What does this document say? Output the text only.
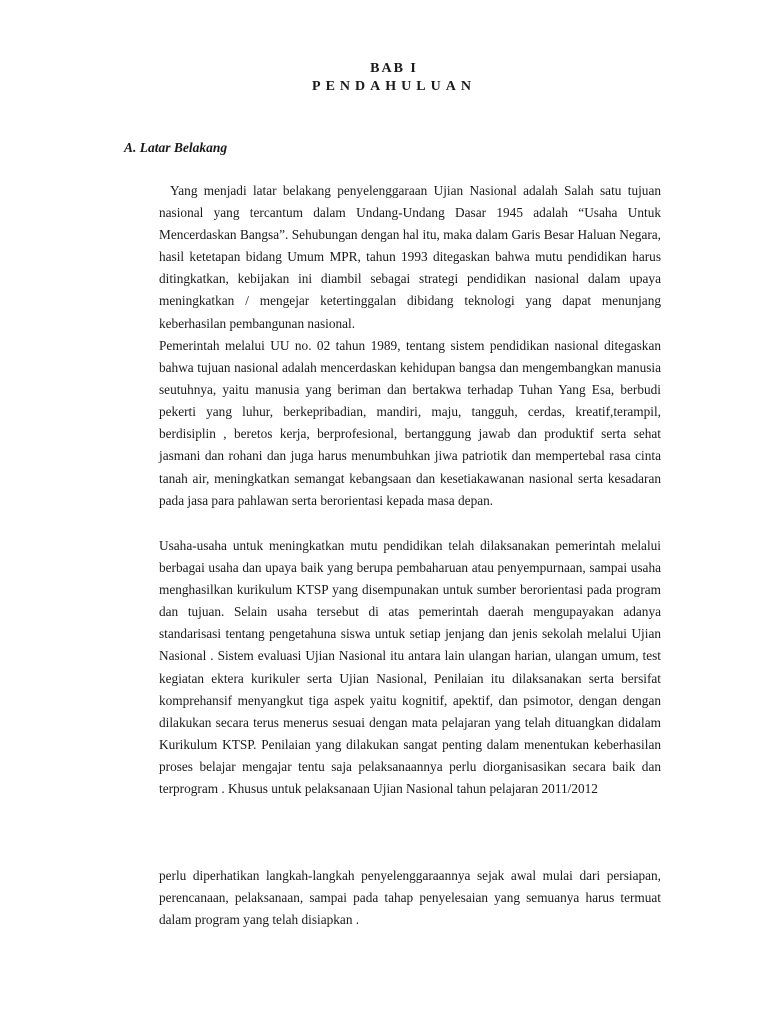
BAB I
PENDAHULUAN
A. Latar Belakang

Yang menjadi latar belakang penyelenggaraan Ujian Nasional adalah Salah satu tujuan nasional yang tercantum dalam Undang-Undang Dasar 1945 adalah “Usaha Untuk Mencerdaskan Bangsa”. Sehubungan dengan hal itu, maka dalam Garis Besar Haluan Negara, hasil ketetapan bidang Umum MPR, tahun 1993 ditegaskan bahwa mutu pendidikan harus ditingkatkan, kebijakan ini diambil sebagai strategi pendidikan nasional dalam upaya meningkatkan / mengejar ketertinggalan dibidang teknologi yang dapat menunjang keberhasilan pembangunan nasional.

Pemerintah melalui UU no. 02 tahun 1989, tentang sistem pendidikan nasional ditegaskan bahwa tujuan nasional adalah mencerdaskan kehidupan bangsa dan mengembangkan manusia seutuhnya, yaitu manusia yang beriman dan bertakwa terhadap Tuhan Yang Esa, berbudi pekerti yang luhur, berkepribadian, mandiri, maju, tangguh, cerdas, kreatif,terampil, berdisiplin , beretos kerja, berprofesional, bertanggung jawab dan produktif serta sehat jasmani dan rohani dan juga harus menumbuhkan jiwa patriotik dan mempertebal rasa cinta tanah air, meningkatkan semangat kebangsaan dan kesetiakawanan nasional serta kesadaran pada jasa para pahlawan serta berorientasi kepada masa depan.

Usaha-usaha untuk meningkatkan mutu pendidikan telah dilaksanakan pemerintah melalui berbagai usaha dan upaya baik yang berupa pembaharuan atau penyempurnaan, sampai usaha menghasilkan kurikulum KTSP yang disempunakan untuk sumber berorientasi pada program dan tujuan. Selain usaha tersebut di atas pemerintah daerah mengupayakan adanya standarisasi tentang pengetahuna siswa untuk setiap jenjang dan jenis sekolah melalui Ujian Nasional . Sistem evaluasi Ujian Nasional itu antara lain ulangan harian, ulangan umum, test kegiatan ektera kurikuler serta Ujian Nasional, Penilaian itu dilaksanakan serta bersifat komprehansif menyangkut tiga aspek yaitu kognitif, apektif, dan psimotor, dengan dengan dilakukan secara terus menerus sesuai dengan mata pelajaran yang telah dituangkan didalam Kurikulum KTSP. Penilaian yang dilakukan sangat penting dalam menentukan keberhasilan proses belajar mengajar tentu saja pelaksanaannya perlu diorganisasikan secara baik dan terprogram . Khusus untuk pelaksanaan Ujian Nasional tahun pelajaran 2011/2012

perlu diperhatikan langkah-langkah penyelenggaraannya sejak awal mulai dari persiapan, perencanaan, pelaksanaan, sampai pada tahap penyelesaian yang semuanya harus termuat dalam program yang telah disiapkan .
